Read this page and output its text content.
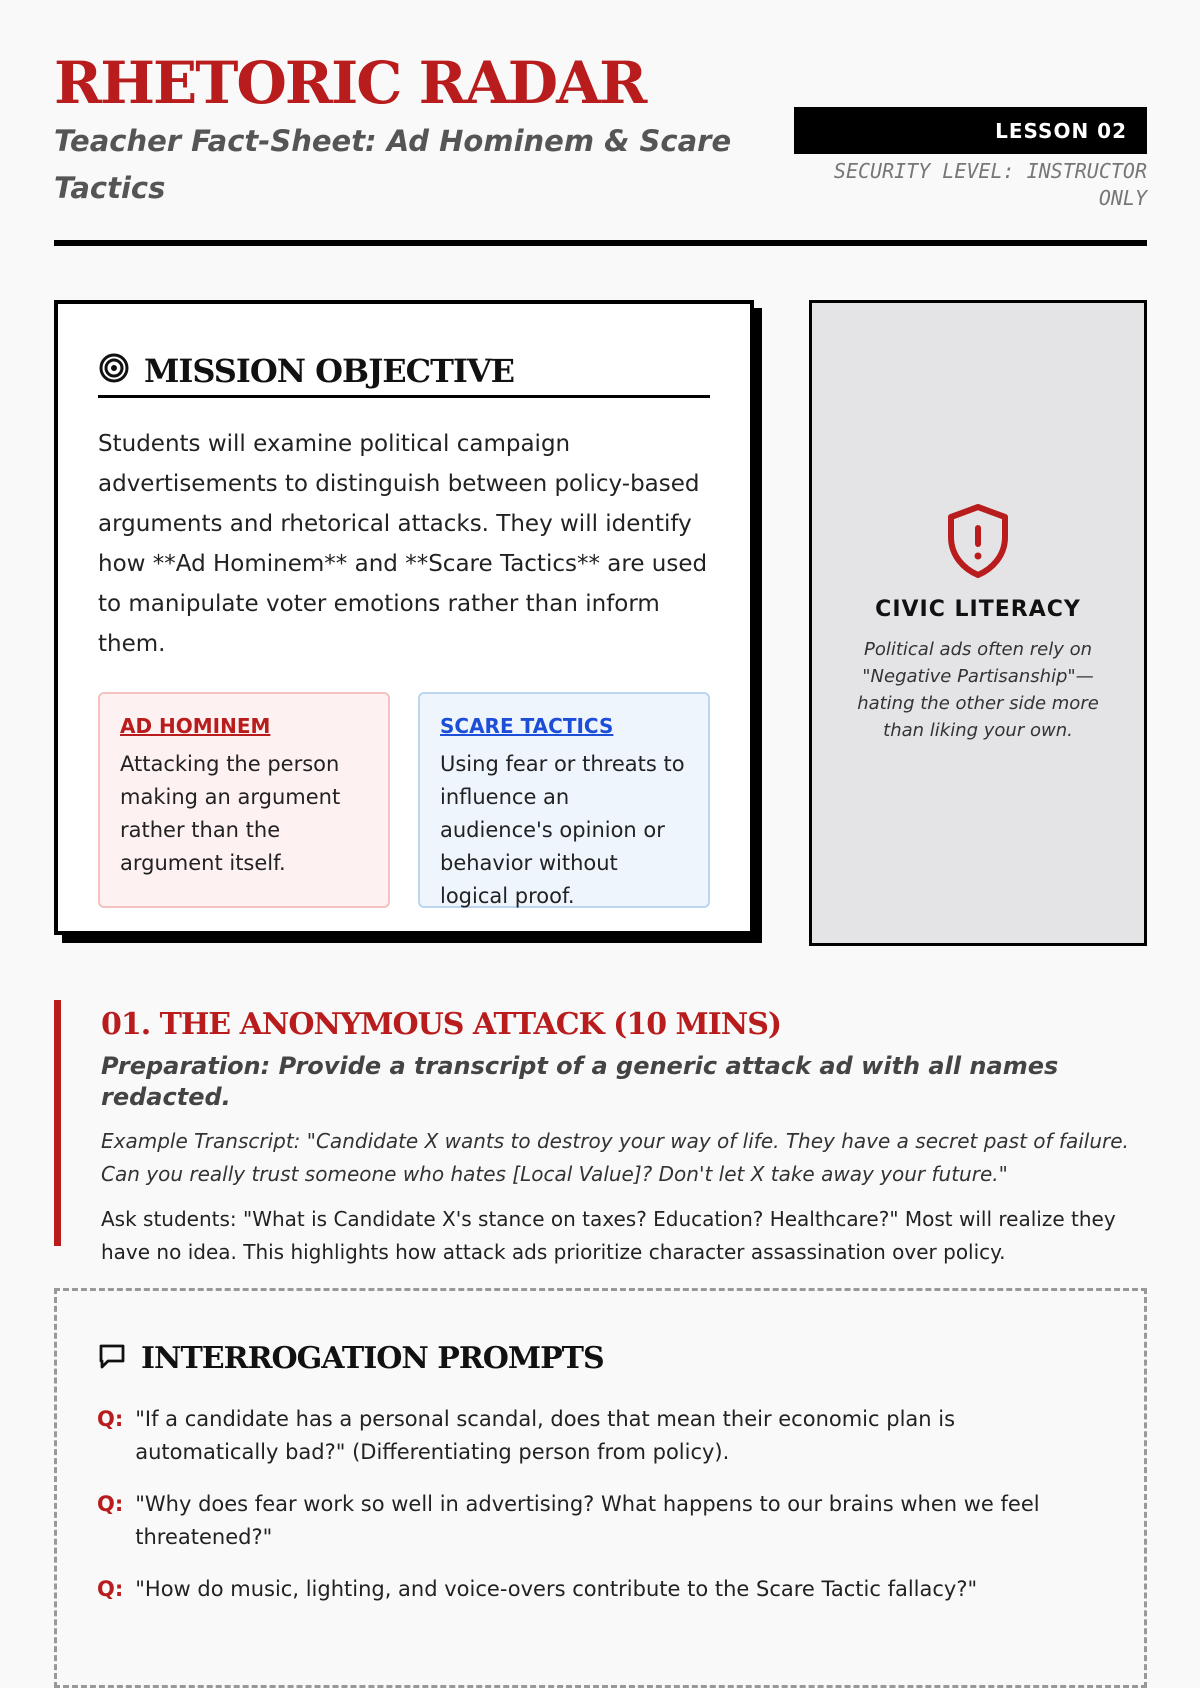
RHETORIC RADAR

Teacher Fact-Sheet: Ad Hominem & Scare Tactics

LESSON 02
SECURITY LEVEL: INSTRUCTOR ONLY
MISSION OBJECTIVE

Students will examine political campaign advertisements to distinguish between policy-based arguments and rhetorical attacks. They will identify how **Ad Hominem** and **Scare Tactics** are used to manipulate voter emotions rather than inform them.

AD HOMINEM
Attacking the person making an argument rather than the argument itself.
SCARE TACTICS
Using fear or threats to influence an audience's opinion or behavior without logical proof.
CIVIC LITERACY
Political ads often rely on "Negative Partisanship"—hating the other side more than liking your own.
01. THE ANONYMOUS ATTACK (10 MINS)

Preparation: Provide a transcript of a generic attack ad with all names redacted.

Example Transcript: "Candidate X wants to destroy your way of life. They have a secret past of failure. Can you really trust someone who hates [Local Value]? Don't let X take away your future."

Ask students: "What is Candidate X's stance on taxes? Education? Healthcare?" Most will realize they have no idea. This highlights how attack ads prioritize character assassination over policy.

INTERROGATION PROMPTS
Q: "If a candidate has a personal scandal, does that mean their economic plan is automatically bad?" (Differentiating person from policy).
Q: "Why does fear work so well in advertising? What happens to our brains when we feel threatened?"
Q: "How do music, lighting, and voice-overs contribute to the Scare Tactic fallacy?"
